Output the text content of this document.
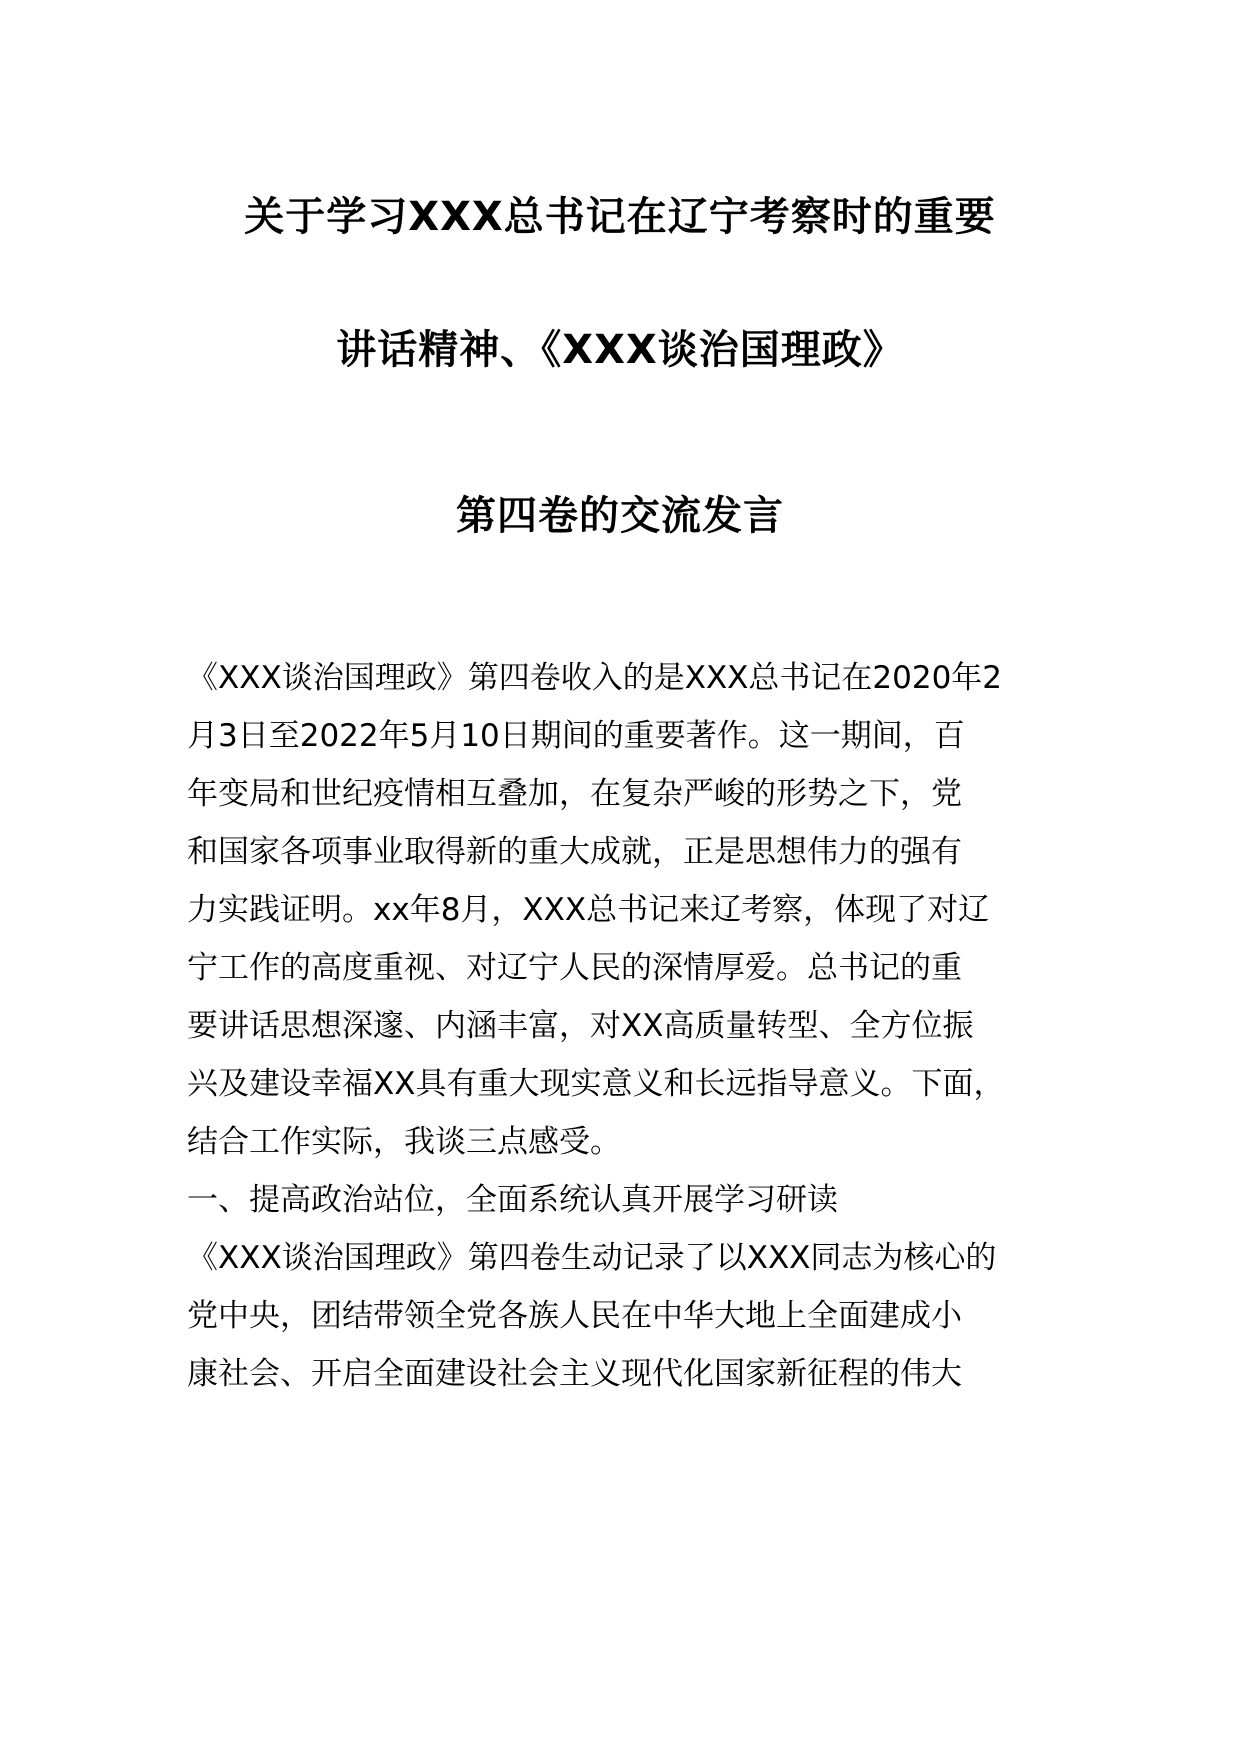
关于学习XXX总书记在辽宁考察时的重要
讲话精神、《XXX谈治国理政》
第四卷的交流发言
《XXX谈治国理政》第四卷收入的是XXX总书记在2020年2
月3日至2022年5月10日期间的重要著作。这一期间，百
年变局和世纪疫情相互叠加，在复杂严峻的形势之下，党
和国家各项事业取得新的重大成就，正是思想伟力的强有
力实践证明。xx年8月，XXX总书记来辽考察，体现了对辽
宁工作的高度重视、对辽宁人民的深情厚爱。总书记的重
要讲话思想深邃、内涵丰富，对XX高质量转型、全方位振
兴及建设幸福XX具有重大现实意义和长远指导意义。下面，
结合工作实际，我谈三点感受。
一、提高政治站位，全面系统认真开展学习研读
《XXX谈治国理政》第四卷生动记录了以XXX同志为核心的
党中央，团结带领全党各族人民在中华大地上全面建成小
康社会、开启全面建设社会主义现代化国家新征程的伟大
